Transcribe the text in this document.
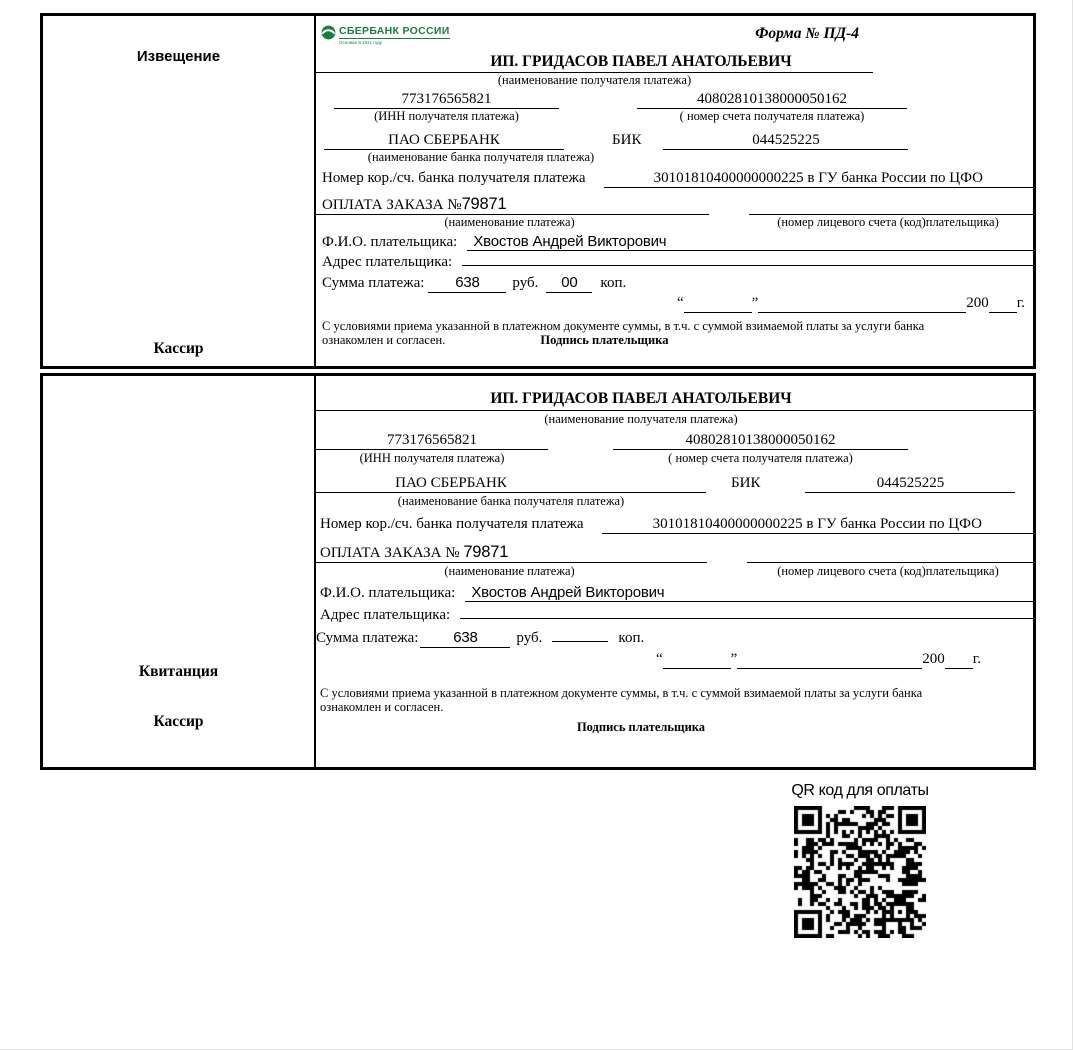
Извещение
Кассир
СБЕРБАНК РОССИИ
Основан в 1841 году
Форма № ПД-4
ИП. ГРИДАСОВ ПАВЕЛ АНАТОЛЬЕВИЧ
(наименование получателя платежа)
773176565821	40802810138000050162
(ИНН получателя платежа)	( номер счета получателя платежа)
ПАО СБЕРБАНК	БИК	044525225
(наименование банка получателя платежа)
Номер кор./сч. банка получателя платежа	30101810400000000225 в ГУ банка России по ЦФО
ОПЛАТА ЗАКАЗА №79871

(наименование платежа)	(номер лицевого счета (код)плательщика)
Ф.И.О. плательщика:	Хвостов Андрей Викторович
Адрес плательщика:
Сумма платежа:	638	руб.	00	коп.
“
	”
	200
г.
С условиями приема указанной в платежном документе суммы, в т.ч. с суммой взимаемой платы за услуги банка
ознакомлен и согласен.	Подпись плательщика
Квитанция
Кассир
ИП. ГРИДАСОВ ПАВЕЛ АНАТОЛЬЕВИЧ
(наименование получателя платежа)
773176565821	40802810138000050162
(ИНН получателя платежа)	( номер счета получателя платежа)
ПАО СБЕРБАНК	БИК	044525225
(наименование банка получателя платежа)
Номер кор./сч. банка получателя платежа	30101810400000000225 в ГУ банка России по ЦФО
ОПЛАТА ЗАКАЗА № 79871

(наименование платежа)	(номер лицевого счета (код)плательщика)
Ф.И.О. плательщика:	Хвостов Андрей Викторович
Адрес плательщика:
Сумма платежа:	638	руб.	коп.
“
	”
	200
г.
С условиями приема указанной в платежном документе суммы, в т.ч. с суммой взимаемой платы за услуги банка
ознакомлен и согласен.
Подпись плательщика
QR код для оплаты
